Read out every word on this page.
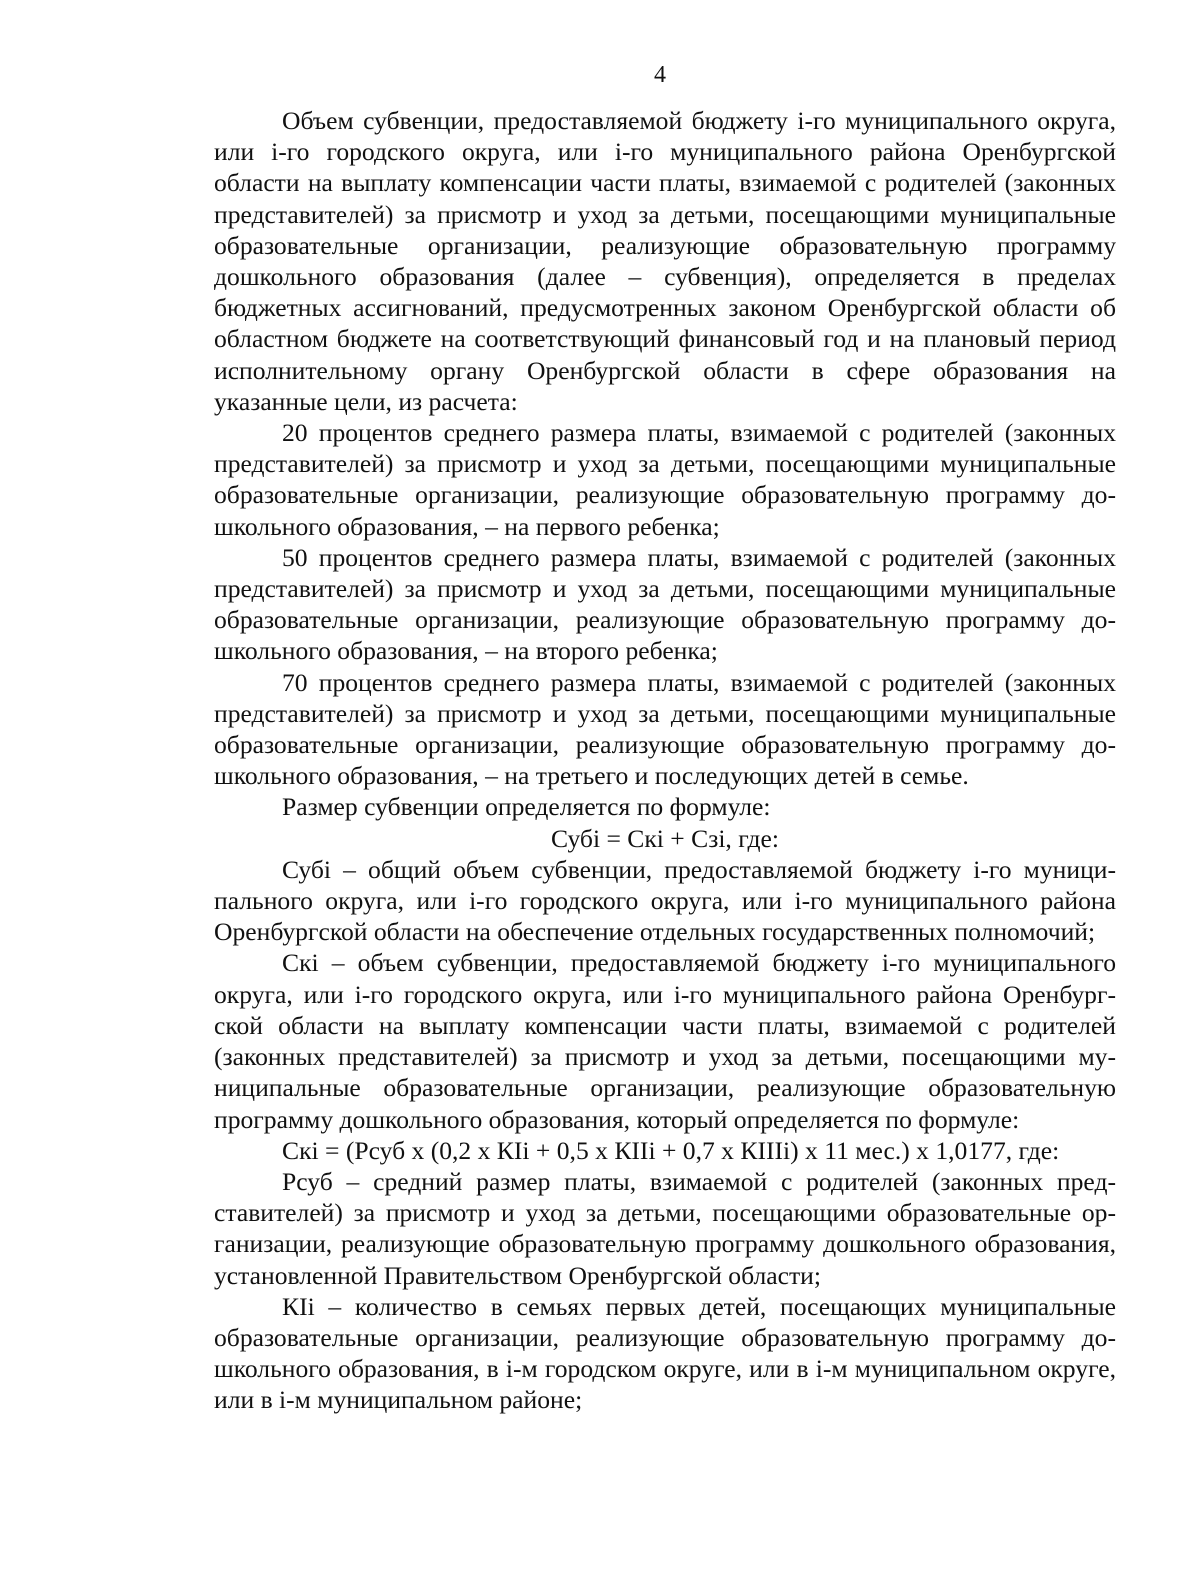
4

Объем субвенции, предоставляемой бюджету i-го муниципального округа, или i-го городского округа, или i-го муниципального района Оренбургской области на выплату компенсации части платы, взимаемой с родителей (законных представителей) за присмотр и уход за детьми, посещающими муниципальные образовательные организации, реализующие образовательную программу дошкольного образования (далее – субвенция), определяется в пределах бюджетных ассигнований, предусмотренных законом Оренбургской области об областном бюджете на соответствующий финансовый год и на плановый период исполнительному органу Оренбургской области в сфере образования на указанные цели, из расчета:

20 процентов среднего размера платы, взимаемой с родителей (законных представителей) за присмотр и уход за детьми, посещающими муниципальные образовательные организации, реализующие образовательную программу дошкольного образования, – на первого ребенка;

50 процентов среднего размера платы, взимаемой с родителей (законных представителей) за присмотр и уход за детьми, посещающими муниципальные образовательные организации, реализующие образовательную программу дошкольного образования, – на второго ребенка;

70 процентов среднего размера платы, взимаемой с родителей (законных представителей) за присмотр и уход за детьми, посещающими муниципальные образовательные организации, реализующие образовательную программу дошкольного образования, – на третьего и последующих детей в семье.

Размер субвенции определяется по формуле:

Субi = Скi + Сзi, где:

Субi – общий объем субвенции, предоставляемой бюджету i-го муниципального округа, или i-го городского округа, или i-го муниципального района Оренбургской области на обеспечение отдельных государственных полномочий;

Скi – объем субвенции, предоставляемой бюджету i-го муниципального округа, или i-го городского округа, или i-го муниципального района Оренбургской области на выплату компенсации части платы, взимаемой с родителей (законных представителей) за присмотр и уход за детьми, посещающими муниципальные образовательные организации, реализующие образовательную программу дошкольного образования, который определяется по формуле:

Скi = (Рсуб х (0,2 х КIi + 0,5 х КIIi + 0,7 х КIIIi) х 11 мес.) х 1,0177, где:

Рсуб – средний размер платы, взимаемой с родителей (законных представителей) за присмотр и уход за детьми, посещающими образовательные организации, реализующие образовательную программу дошкольного образования, установленной Правительством Оренбургской области;

КIi – количество в семьях первых детей, посещающих муниципальные образовательные организации, реализующие образовательную программу дошкольного образования, в i-м городском округе, или в i-м муниципальном округе, или в i-м муниципальном районе;
